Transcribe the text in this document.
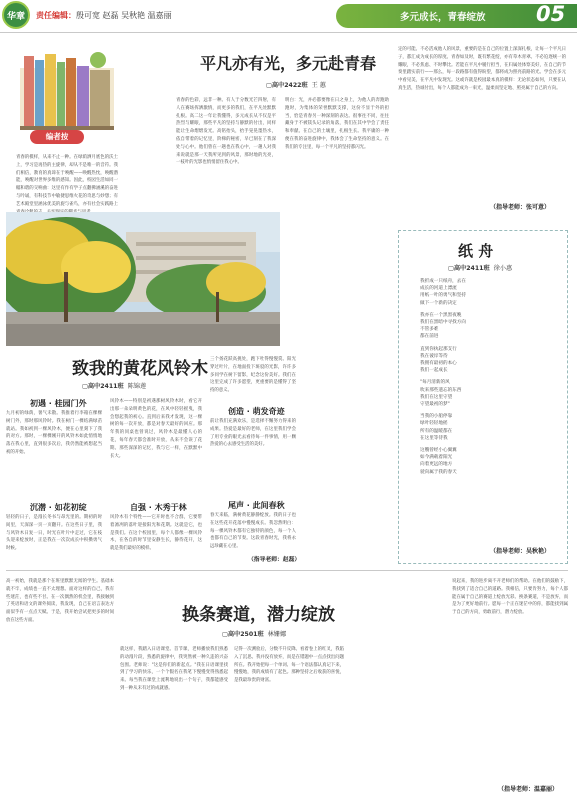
华章	责任编辑：殷可宽 赵磊 吴秋艳 温嘉丽	多元成长，青春绽放 05
编者按
青春的模样，从来不止一种。在绿荫洒月底色的沃土上，学习是再热的主旋律，却从不是唯一的音符。我们相信，教育的真谛在于唤醒——唤醒热忱，唤醒潜能，唤醒对世界多维的感知。因此，校园生活如同一幅和谐的交响曲：这里有作有学子点翻拂涵溪的奋进与吟诵，有科技节中敏捷思维火花的奇思与妙想；有艺术殿堂里涵泳优美的旋与雀鸟，亦有社会实践路上
平凡亦有光，多元赴青春
▢高中2422班 王 蕙
青春的色彩，远非一种。有人于分数光芒四射，有人在赛场挥洒激情，而更多的我们，在平凡处默默扎根。高二这一年让我懂得，多元成长从不仅是平热烈与耀眼，那些平凡的坚持与静默的付出，同样能让生命熠熠发光。高铭抬头，抬手晃晃墨热水，依自带着的记忆里，阶梯的秘密，早已刻在了我深处与心中。他们曾在一趟也在我心中，一趟人对我来说就是那一天我所见到的风景，那时地的光亮，一枝叶的光影也悄悄留住我心中。
明白：光，并必都要像在日之身上，为他人的奔跑助跑时，为集体的荣誉默默支撑，这份不显于外的担当，恰是青春另一种深刻的表达。很事往不同，往往藏身于不被镁头记录的角落，我们在其中学会了责任和奉献。在自己的土壤里，扎根生长。我平庸的一种便在我的奋进旋律中，我体会了生命坚持的意义。在我们的专注里，每一个平凡的坚持都闪光。
定的可能。不必活成他人的风景，重要的是在自己的位置上深深扎根，让每一个平凡日子，都汇成为成长的厚度。青春如及时，既有繁花绽，亦有草木青翠。不必迫逐统一的耀眼，不必焦虑、不时攀比。若能在平凡中履行担当，在归属处体察美好，在自己的节奏里踏实前行——那么，每一段路都有值得盼望，都将成为照亮前路的光。学会在多元中看见美，在平凡中发现光。这或许就是校园最本真的模样：无论状态如何，只要在认真生活，热诚付出，每个人都能成为一束光，温柔而坚定地、照亮属于自己的方向。
（指导老师：张可意）
致我的黄花风铃木
▢高中2411班 陈锦莲
初遇 · 桂园门外
九月初的绿荫，暑气未散。我推着行李箱在棵棵树门外，那时那风铃时。我在树门一棵结满绿苗就站。我如初到一棵风铃木，便在心里刻下了我的对方。那时，一棵棵刚开的风铃木如此悄悄地落在我心里，直到很多次后，我仍然能被想起当初的开始。
沉潜 · 如花初绽
轻轻的日子，是漫长冬书与昂光里的。期初的时间里，天深深一页一页翻开。在这些日子里，我与风铃木日复一日，时光在叶片中走过，它在枝头迎来绽放时，正是我在一次次成长中积攒勇气时候。
风铃木——特别是初遇那树风铃木时，看它开出那一朵朵明黄色的花，在风中轻轻摇曳，我会想起我的初心。直到后来我才发现，这一棵树的每一次开放，都是对春天最好的回应。那年我的同桌也曾说过，风铃木是最懂人心的花，每年春天都会准时开放，从来不会误了花期。那些深深的记忆，我与它一样，在默默中长大。
自强 · 木秀于林
风铃木有个特性——它开时也不合群，它要带着凛冽的落叶迎接阳光和花期。这就是它，也是我们。在这个校园里，每个人都像一棵风铃木，在各自的时节里安静生长，静待花开，这就是我们最好的模样。
三个扬花跃高挑处，跑下吐得慢慢赏。阳光穿过叶片，在地面投下斑驳的光影，许许多多同学在树下留影，纪念这份美好。我们在这里完成了许多愿望，更重要的是懂得了坚持的意义。
创造 · 萌发奇迹
前让我们充满欢乐，是选择不懈努力得来的成果。热爱是最好的老师，在这里我们学会了用专业的眼光去看待每一件事情，用一颗热爱的心去感受生活的美好。
尾声 · 此间春秋
春天来临，满树黄花静静绽放。我的日子也在这些花开花落中慢慢成长。我忽然明白：每一棵风铃木都有它独特的颜色，每一个人也都有自己的节奏。这段青春时光，我将永远珍藏在心里。
（指导老师：赵磊）
纸 舟
▢高中2411班 徐小惠
我折成一只纸舟，去在
成长的河道上漂流
用纸一叶的勇气和坚持
做下一个新的决定
我亦在一个黑黑夜晚
我们在黑暗中寻找方向
不管多难
都在前进
直到你执起那支行
我在彼岸等待
我拥有最初的本心
我们一起成长
"每月清新的风
吹来那些遗忘的东西
我们在这里守望
守望最初的梦"
当我的小船停靠
绿叶轻轻地摇
所有的温暖都在
在这里等待我
这艘曾经小心翼翼
如今满载着阳光
向着更远的地方
驶向属于我的春天
（指导老师：吴秋艳）
高一初始，我就是那个在班里默默无闻的学生。基础本就不牢，成绩也一直不太理想。面对这样的自己，我有些迷茫，也有些不甘。在一次偶然的机会里，我接触到了英语和语文的课外阅读，我发现，自己在语言表达方面似乎有一点点天赋。于是，我开始尝试把更多的时间放在这些方面。	换条赛道，潜力绽放
▢高中2501班 林姗娜
就这样，我踏入日语课堂。首节课，老师播放我们熟悉的动漫片段，熟悉的旋律中，我突然被一种久违的兴奋包围。老师说："这是你们的新起点。"我在日语课里找到了学习的快乐，一个个假名在我笔下慢慢变得熟悉起来。每当我在课堂上流利地说出一个句子，我都能感受到一种从未有过的成就感。
记得一次测验后，分数不升反降。看着卷上的红叉，我陷入了沉思。我并没有放弃，而是在错题中一点点找出问题所在。我开始把每一个单词、每一个语法都认真记下来，慢慢地，我的成绩有了起色。那种坚持之后收获的喜悦，是我最珍贵的财富。
说起来，我的进步离不开老师们的帮助。在他们的鼓励下，我找到了适合自己的道路。我相信，只要肯努力，每个人都能在属于自己的赛道上绽放光彩。换条赛道，不是放弃，而是为了更好地前行。愿每一个正在迷茫中的你，都能找到属于自己的方向，勇敢前行，潜力绽放。
（指导老师：温嘉丽）
